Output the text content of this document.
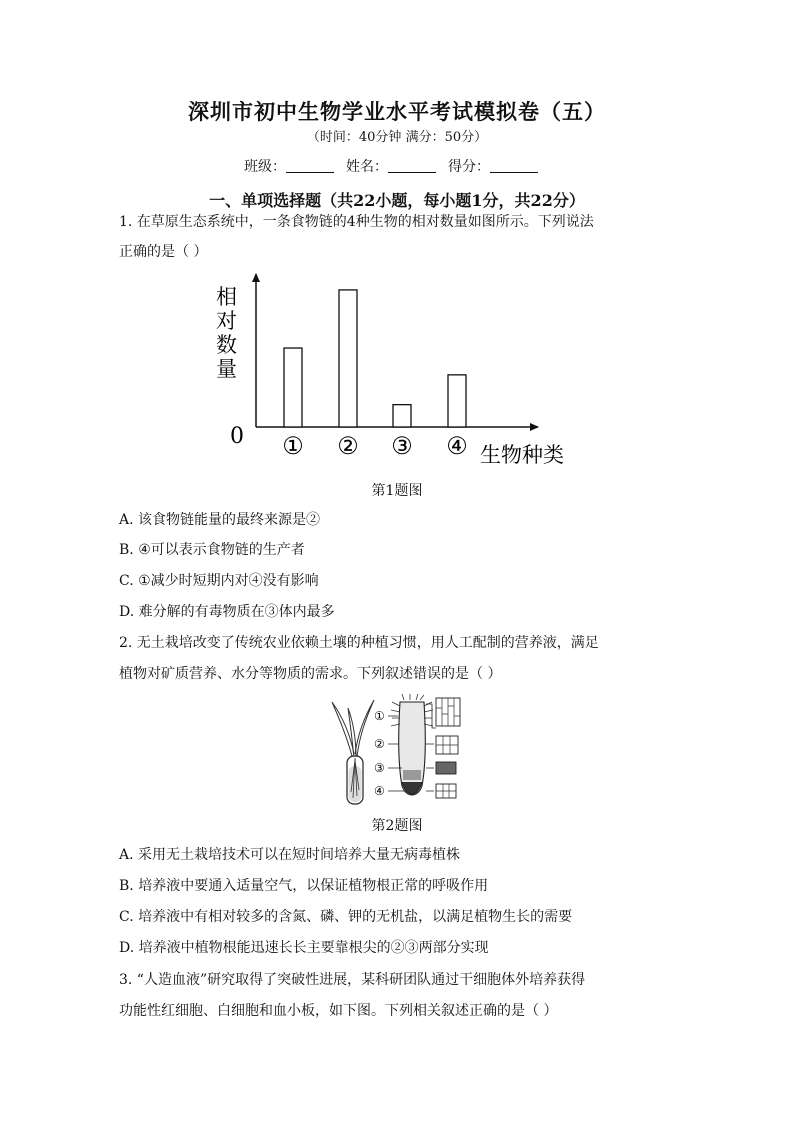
深圳市初中生物学业水平考试模拟卷（五）
（时间：40分钟 满分：50分）
班级：	姓名：	得分：
一、单项选择题（共22小题，每小题1分，共22分）
1. 在草原生态系统中，一条食物链的4种生物的相对数量如图所示。下列说法
正确的是（ ）
0
相
对
数
量
① ② ③ ④ 生物种类
第1题图
A. 该食物链能量的最终来源是②
B. ④可以表示食物链的生产者
C. ①减少时短期内对④没有影响
D. 难分解的有毒物质在③体内最多
2. 无土栽培改变了传统农业依赖土壤的种植习惯，用人工配制的营养液，满足
植物对矿质营养、水分等物质的需求。下列叙述错误的是（ ）
①
②
③
④
第2题图
A. 采用无土栽培技术可以在短时间培养大量无病毒植株
B. 培养液中要通入适量空气，以保证植物根正常的呼吸作用
C. 培养液中有相对较多的含氮、磷、钾的无机盐，以满足植物生长的需要
D. 培养液中植物根能迅速长长主要靠根尖的②③两部分实现
3. “人造血液”研究取得了突破性进展，某科研团队通过干细胞体外培养获得
功能性红细胞、白细胞和血小板，如下图。下列相关叙述正确的是（ ）
